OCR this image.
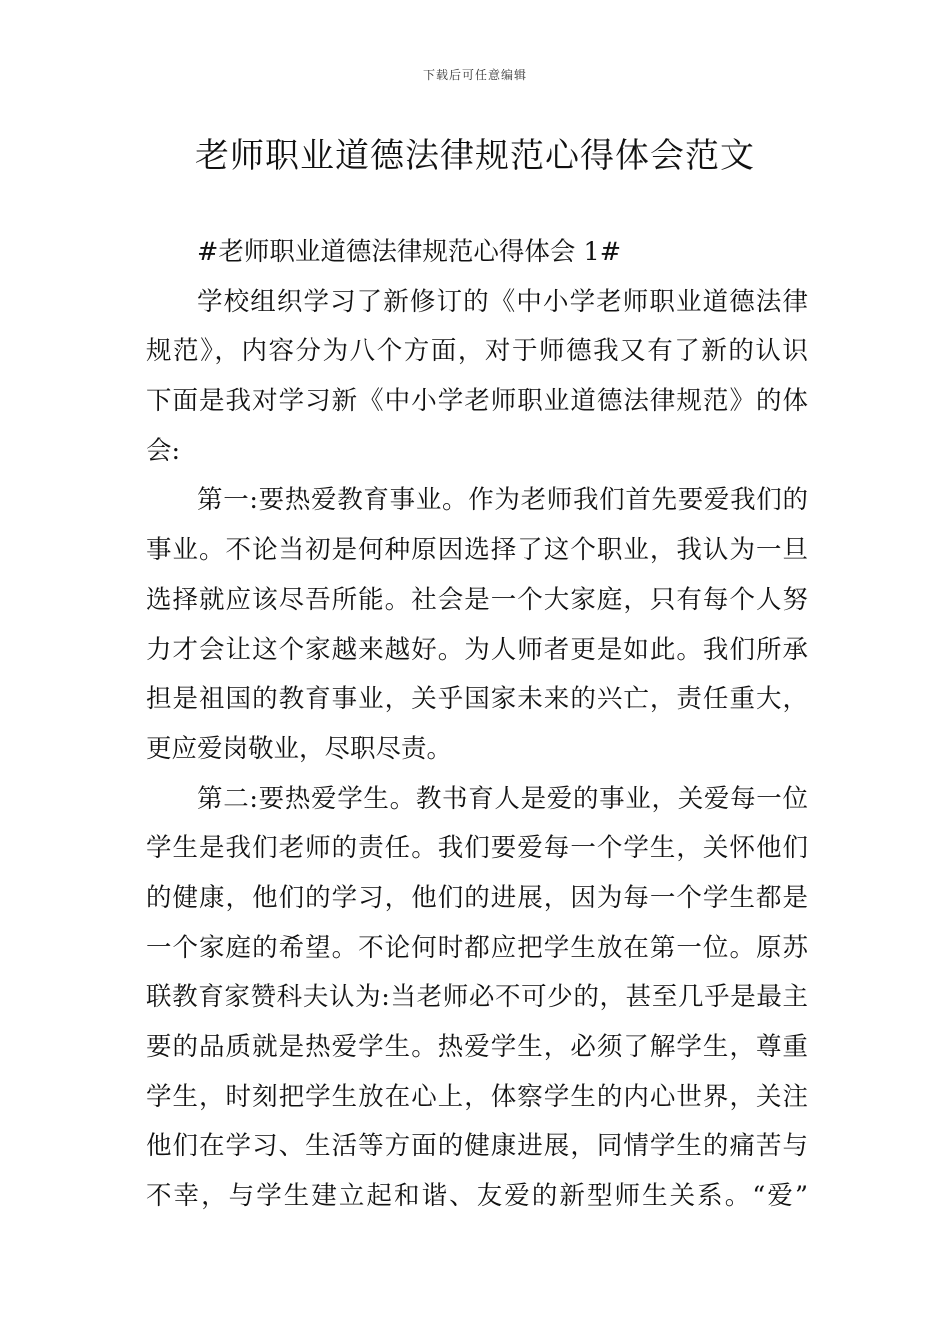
下载后可任意编辑
老师职业道德法律规范心得体会范文
#老师职业道德法律规范心得体会 1#
学校组织学习了新修订的《中小学老师职业道德法律
规范》，内容分为八个方面，对于师德我又有了新的认识
下面是我对学习新《中小学老师职业道德法律规范》的体
会:
第一:要热爱教育事业。作为老师我们首先要爱我们的
事业。不论当初是何种原因选择了这个职业，我认为一旦
选择就应该尽吾所能。社会是一个大家庭，只有每个人努
力才会让这个家越来越好。为人师者更是如此。我们所承
担是祖国的教育事业，关乎国家未来的兴亡，责任重大，
更应爱岗敬业，尽职尽责。
第二:要热爱学生。教书育人是爱的事业，关爱每一位
学生是我们老师的责任。我们要爱每一个学生，关怀他们
的健康，他们的学习，他们的进展，因为每一个学生都是
一个家庭的希望。不论何时都应把学生放在第一位。原苏
联教育家赞科夫认为:当老师必不可少的，甚至几乎是最主
要的品质就是热爱学生。热爱学生，必须了解学生，尊重
学生，时刻把学生放在心上，体察学生的内心世界，关注
他们在学习、生活等方面的健康进展，同情学生的痛苦与
不幸，与学生建立起和谐、友爱的新型师生关系。“爱”
